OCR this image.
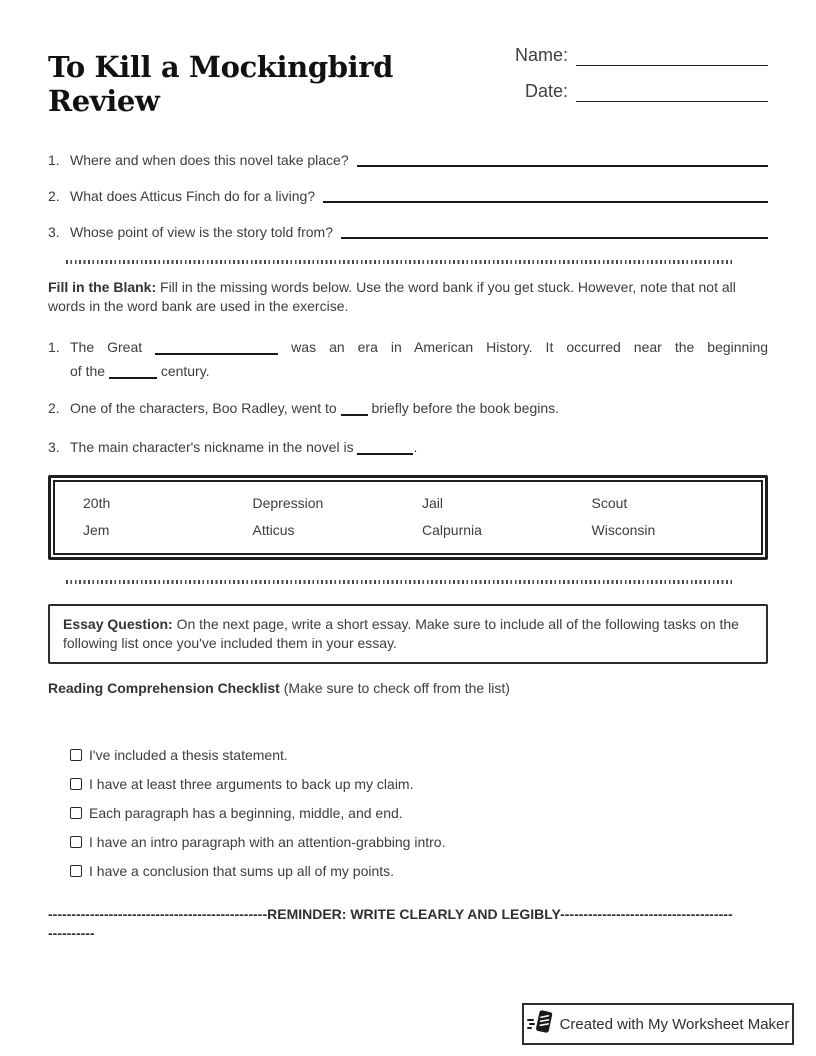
To Kill a Mockingbird Review
Name:
Date:
1. Where and when does this novel take place?
2. What does Atticus Finch do for a living?
3. Whose point of view is the story told from?

Fill in the Blank: Fill in the missing words below. Use the word bank if you get stuck. However, note that not all words in the word bank are used in the exercise.

1. The Great	was an era in American History. It occurred near the beginning
of the	century.
2. One of the characters, Boo Radley, went to briefly before the book begins.
3. The main character's nickname in the novel is	.
20th	Depression	Jail	Scout
Jem	Atticus	Calpurnia	Wisconsin
Essay Question: On the next page, write a short essay. Make sure to include all of the following tasks on the following list once you've included them in your essay.

Reading Comprehension Checklist (Make sure to check off from the list)

I've included a thesis statement.
I have at least three arguments to back up my claim.
Each paragraph has a beginning, middle, and end.
I have an intro paragraph with an attention-grabbing intro.
I have a conclusion that sums up all of my points.
-----------------------------------------------REMINDER: WRITE CLEARLY AND LEGIBLY-------------------------------------
----------
Created with My Worksheet Maker
